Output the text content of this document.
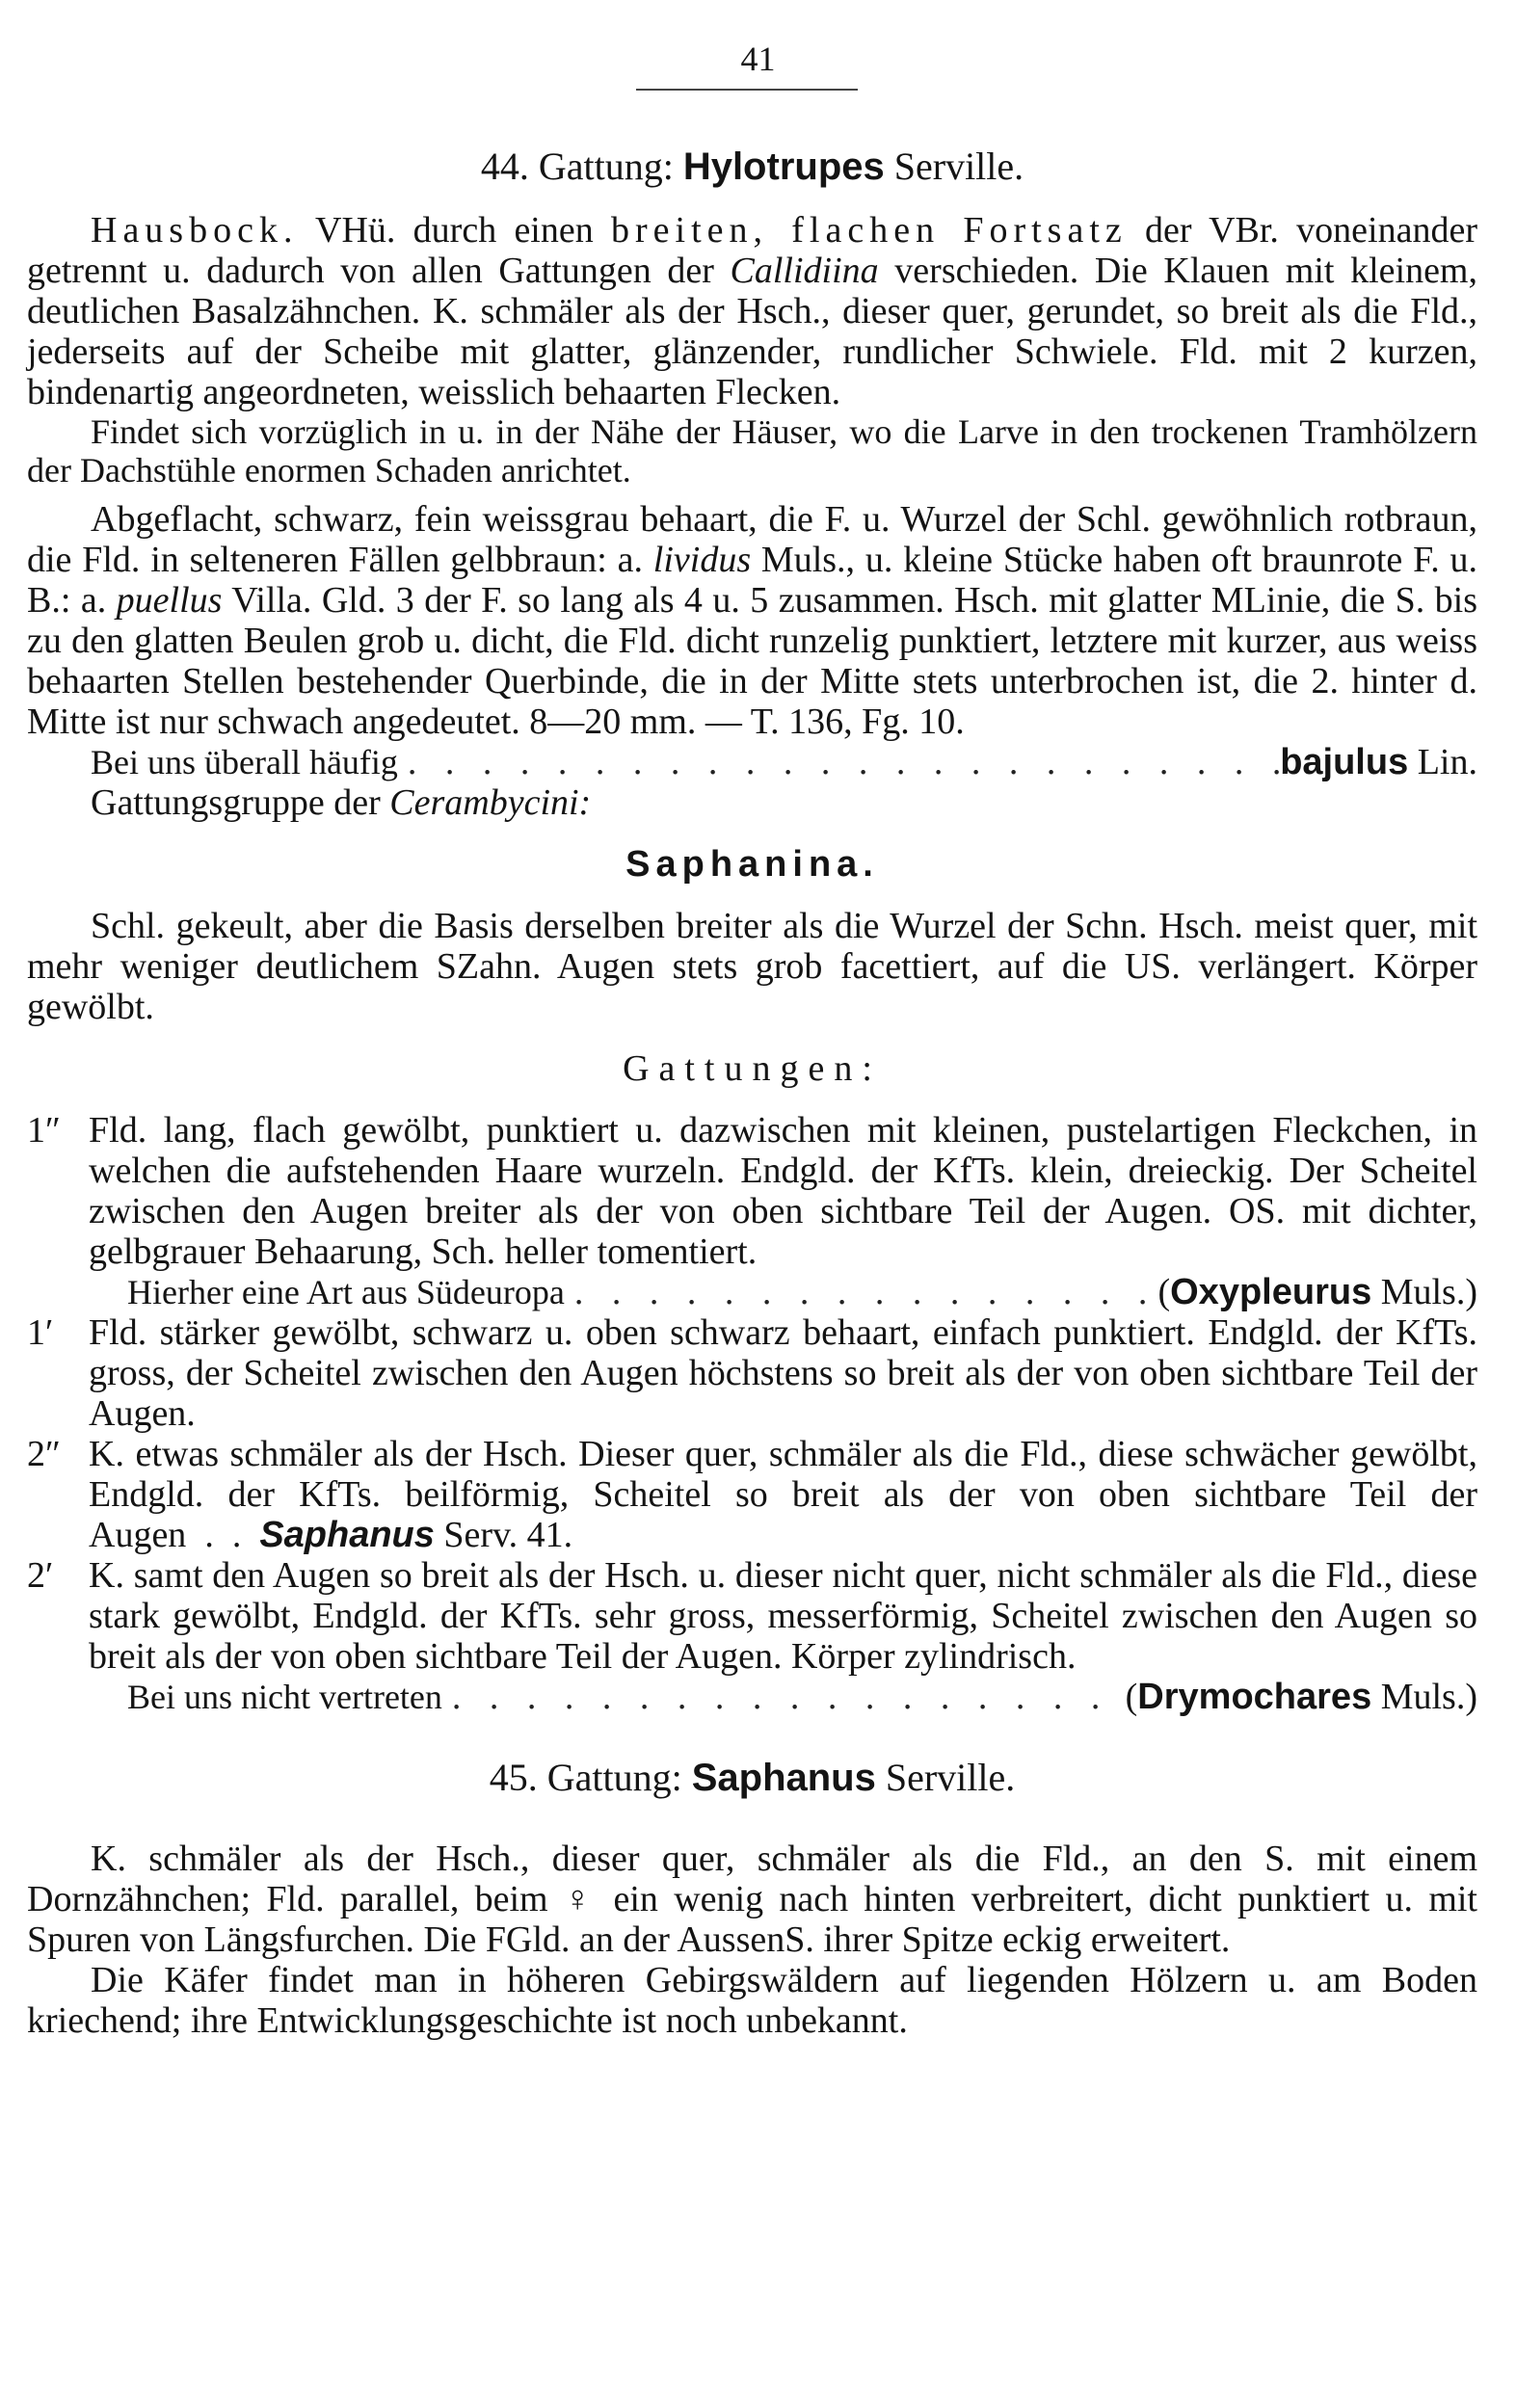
41
44. Gattung: Hylotrupes Serville.

Hausbock. VHü. durch einen breiten, flachen Fortsatz der VBr. voneinander getrennt u. dadurch von allen Gattungen der Callidiina verschieden. Die Klauen mit kleinem, deutlichen Basalzähnchen. K. schmäler als der Hsch., dieser quer, gerundet, so breit als die Fld., jederseits auf der Scheibe mit glatter, glänzender, rundlicher Schwiele. Fld. mit 2 kurzen, bindenartig angeordneten, weisslich behaarten Flecken.

Findet sich vorzüglich in u. in der Nähe der Häuser, wo die Larve in den trockenen Tramhölzern der Dachstühle enormen Schaden anrichtet.

Abgeflacht, schwarz, fein weissgrau behaart, die F. u. Wurzel der Schl. gewöhnlich rotbraun, die Fld. in selteneren Fällen gelbbraun: a. lividus Muls., u. kleine Stücke haben oft braunrote F. u. B.: a. puellus Villa. Gld. 3 der F. so lang als 4 u. 5 zusammen. Hsch. mit glatter MLinie, die S. bis zu den glatten Beulen grob u. dicht, die Fld. dicht runzelig punktiert, letztere mit kurzer, aus weiss behaarten Stellen bestehender Querbinde, die in der Mitte stets unterbrochen ist, die 2. hinter d. Mitte ist nur schwach angedeutet. 8—20 mm. — T. 136, Fg. 10.

Bei uns überall häufig . . .	bajulus
Lin.

Gattungsgruppe der Cerambycini:

Saphanina.

Schl. gekeult, aber die Basis derselben breiter als die Wurzel der Schn. Hsch. meist quer, mit mehr weniger deutlichem SZahn. Augen stets grob facettiert, auf die US. verlängert. Körper gewölbt.

Gattungen:
1″ Fld. lang, flach gewölbt, punktiert u. dazwischen mit kleinen, pustelartigen Fleckchen, in welchen die aufstehenden Haare wurzeln. Endgld. der KfTs. klein, dreieckig. Der Scheitel zwischen den Augen breiter als der von oben sichtbare Teil der Augen. OS. mit dichter, gelbgrauer Behaarung, Sch. heller tomentiert.

Hierher eine Art aus Südeuropa . . .	( Oxypleurus
Muls. )
1′ Fld. stärker gewölbt, schwarz u. oben schwarz behaart, einfach punktiert. Endgld. der KfTs. gross, der Scheitel zwischen den Augen höchstens so breit als der von oben sichtbare Teil der Augen.

2″ K. etwas schmäler als der Hsch. Dieser quer, schmäler als die Fld., diese schwächer gewölbt, Endgld. der KfTs. beilförmig, Scheitel so breit als der von oben sichtbare Teil der Augen  .  .  Saphanus Serv. 41.

2′ K. samt den Augen so breit als der Hsch. u. dieser nicht quer, nicht schmäler als die Fld., diese stark gewölbt, Endgld. der KfTs. sehr gross, messerförmig, Scheitel zwischen den Augen so breit als der von oben sichtbare Teil der Augen. Körper zylindrisch.

Bei uns nicht vertreten . . .	( Drymochares
Muls. )
45. Gattung: Saphanus Serville.

K. schmäler als der Hsch., dieser quer, schmäler als die Fld., an den S. mit einem Dornzähnchen; Fld. parallel, beim ♀ ein wenig nach hinten verbreitert, dicht punktiert u. mit Spuren von Längsfurchen. Die FGld. an der AussenS. ihrer Spitze eckig erweitert.

Die Käfer findet man in höheren Gebirgswäldern auf liegenden Hölzern u. am Boden kriechend; ihre Entwicklungsgeschichte ist noch unbekannt.
